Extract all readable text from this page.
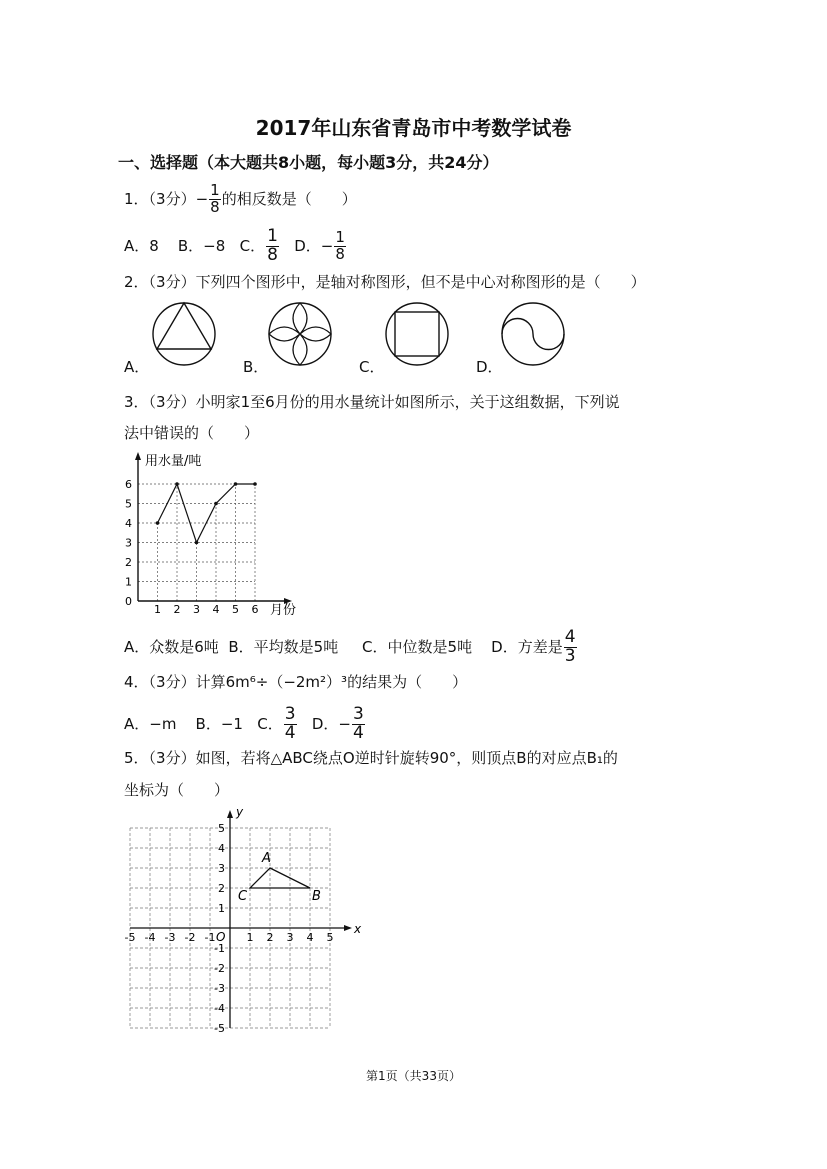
2017年山东省青岛市中考数学试卷
一、选择题（本大题共8小题，每小题3分，共24分）
1．（3分）− $\frac{1}{8}$ 的相反数是（　　）
A．8 B．−8 C． $\frac{1}{8}$ D．− $\frac{1}{8}$
2．（3分）下列四个图形中，是轴对称图形，但不是中心对称图形的是（　　）
A．	B．	C．	D．
3．（3分）小明家1至6月份的用水量统计如图所示，关于这组数据，下列说
法中错误的（　　）
用水量/吨
月份
0
1
2
3
4
5
6
1 2 3 4 5 6
A．众数是6吨 B．平均数是5吨 C．中位数是5吨 D．方差是 $\frac{4}{3}$
4．（3分）计算6m⁶÷（−2m²）³的结果为（　　）
A．−m B．−1 C． $\frac{3}{4}$ D．− $\frac{3}{4}$
5．（3分）如图，若将△ABC绕点O逆时针旋转90°，则顶点B的对应点B₁的
坐标为（　　）
x
y
O
-5 -4 -3 -2 -1	1 2 3 4 5
5
4
3
2
1
-1
-2
-3
-4
-5
A
B
C
第1页（共33页）
